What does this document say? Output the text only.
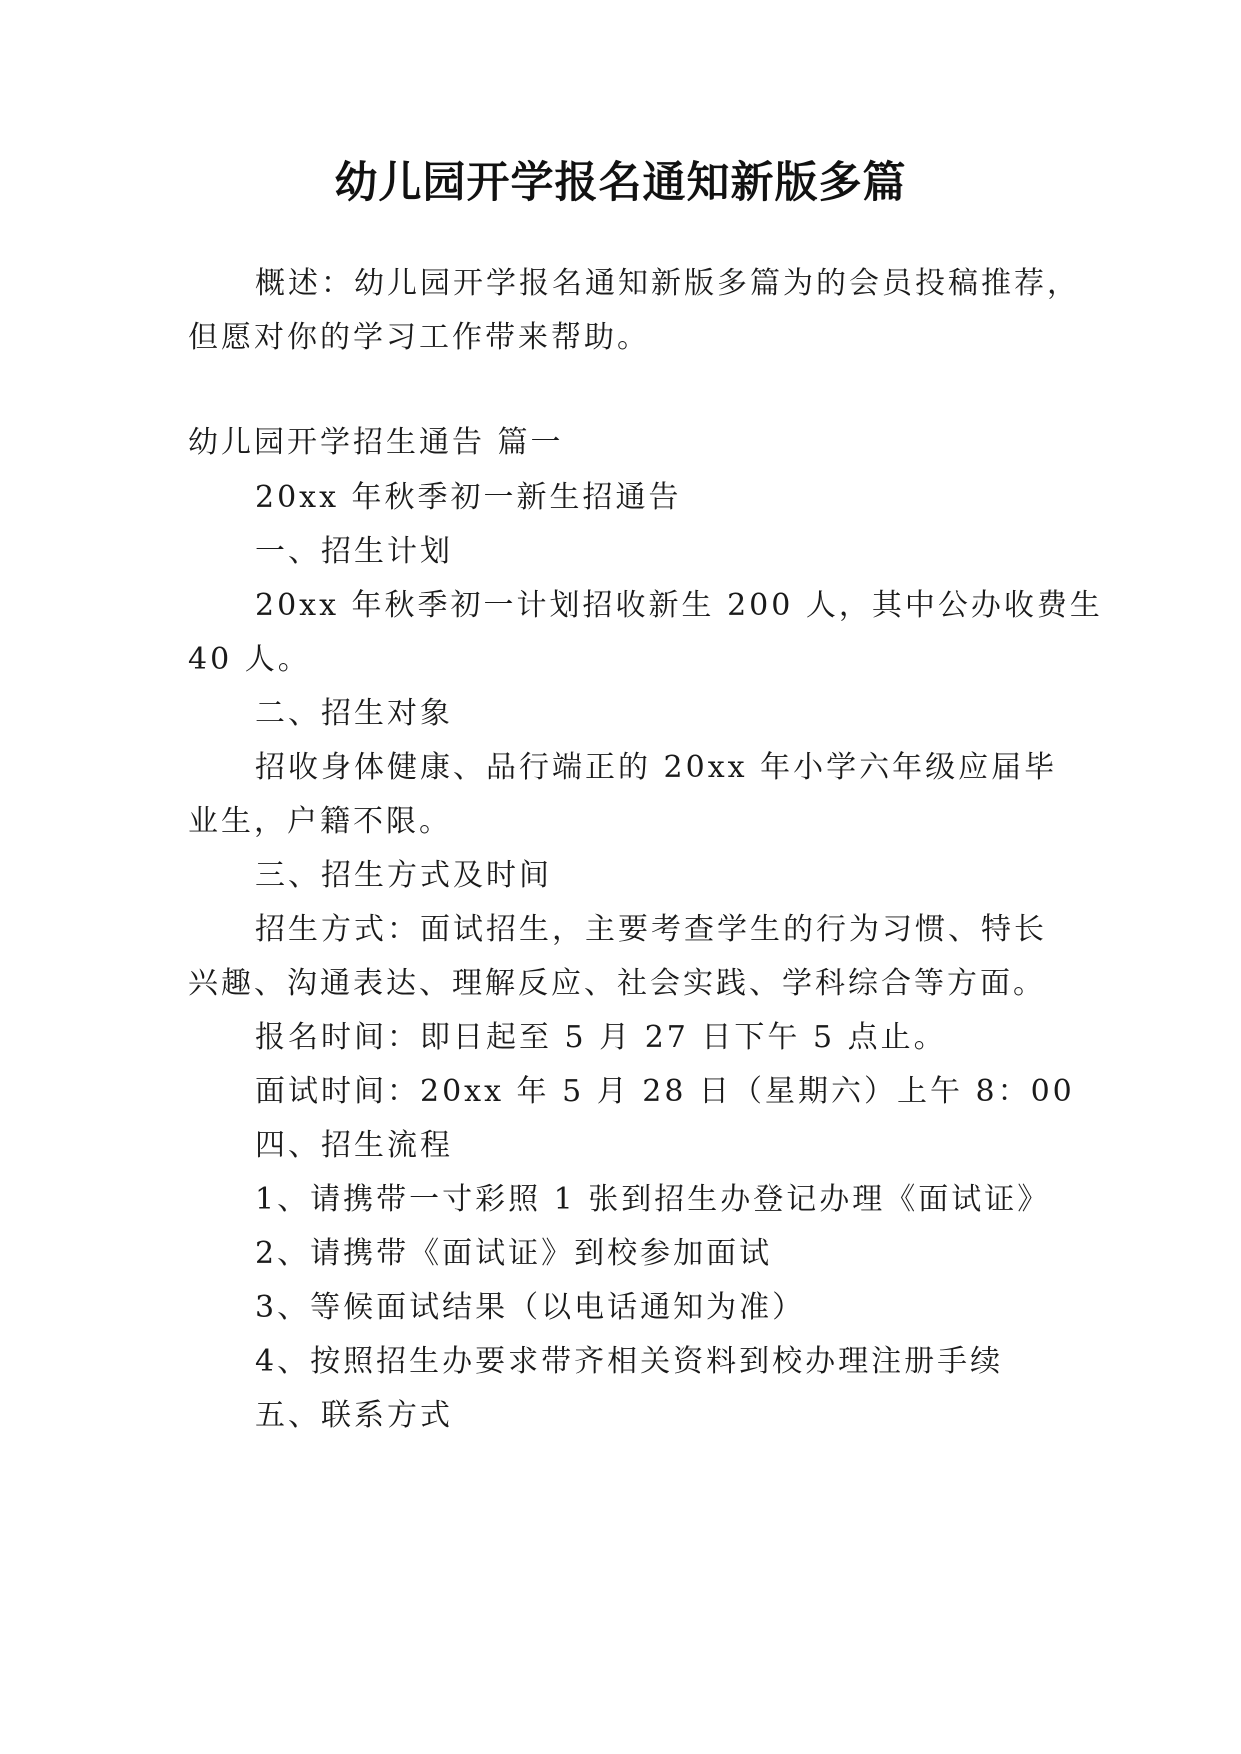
幼儿园开学报名通知新版多篇
概述：幼儿园开学报名通知新版多篇为的会员投稿推荐，
但愿对你的学习工作带来帮助。
幼儿园开学招生通告 篇一
20xx 年秋季初一新生招通告
一、招生计划
20xx 年秋季初一计划招收新生 200 人，其中公办收费生
40 人。
二、招生对象
招收身体健康、品行端正的 20xx 年小学六年级应届毕
业生，户籍不限。
三、招生方式及时间
招生方式：面试招生，主要考查学生的行为习惯、特长
兴趣、沟通表达、理解反应、社会实践、学科综合等方面。
报名时间：即日起至 5 月 27 日下午 5 点止。
面试时间：20xx 年 5 月 28 日（星期六）上午 8：00
四、招生流程
1、请携带一寸彩照 1 张到招生办登记办理《面试证》
2、请携带《面试证》到校参加面试
3、等候面试结果（以电话通知为准）
4、按照招生办要求带齐相关资料到校办理注册手续
五、联系方式
